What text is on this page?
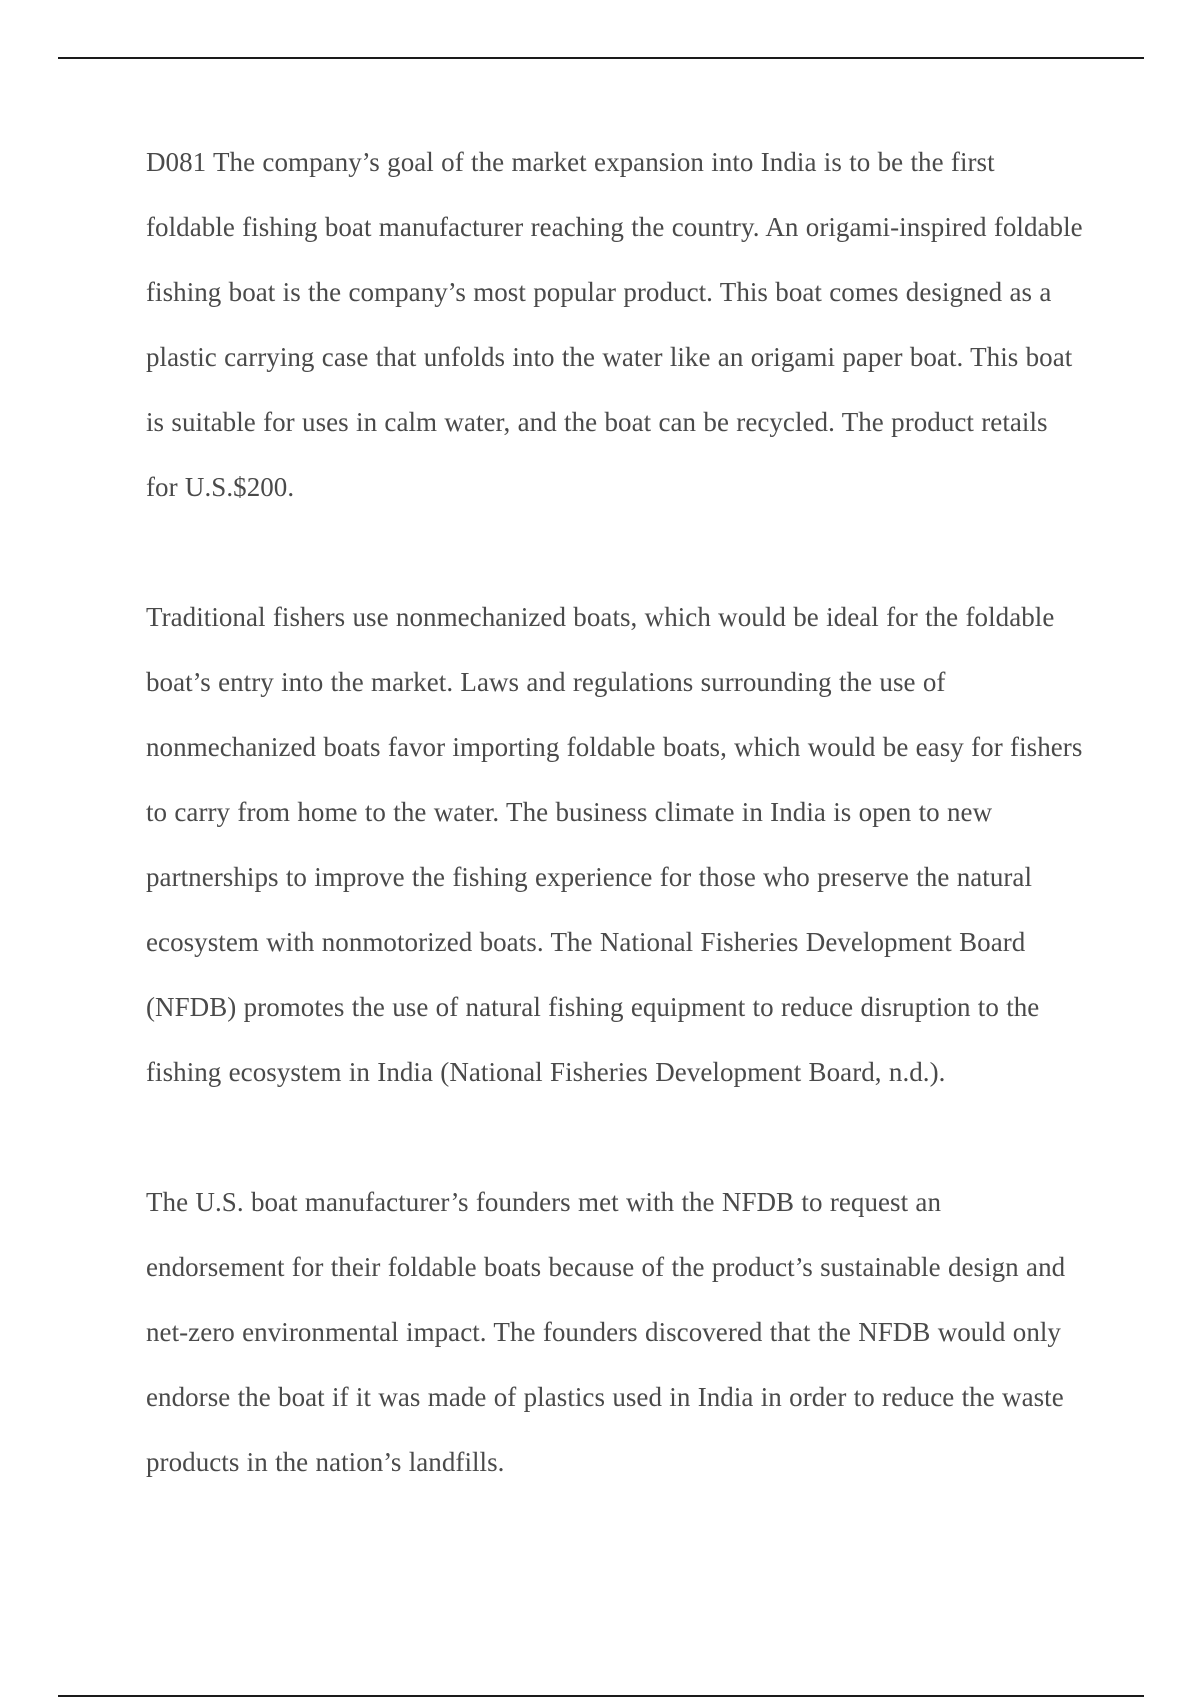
D081 The company’s goal of the market expansion into India is to be the first foldable fishing boat manufacturer reaching the country. An origami-inspired foldable fishing boat is the company’s most popular product. This boat comes designed as a plastic carrying case that unfolds into the water like an origami paper boat. This boat is suitable for uses in calm water, and the boat can be recycled. The product retails for U.S.$200.

Traditional fishers use nonmechanized boats, which would be ideal for the foldable boat’s entry into the market. Laws and regulations surrounding the use of nonmechanized boats favor importing foldable boats, which would be easy for fishers to carry from home to the water. The business climate in India is open to new partnerships to improve the fishing experience for those who preserve the natural ecosystem with nonmotorized boats. The National Fisheries Development Board (NFDB) promotes the use of natural fishing equipment to reduce disruption to the fishing ecosystem in India (National Fisheries Development Board, n.d.).

The U.S. boat manufacturer’s founders met with the NFDB to request an endorsement for their foldable boats because of the product’s sustainable design and net-zero environmental impact. The founders discovered that the NFDB would only endorse the boat if it was made of plastics used in India in order to reduce the waste products in the nation’s landfills.
